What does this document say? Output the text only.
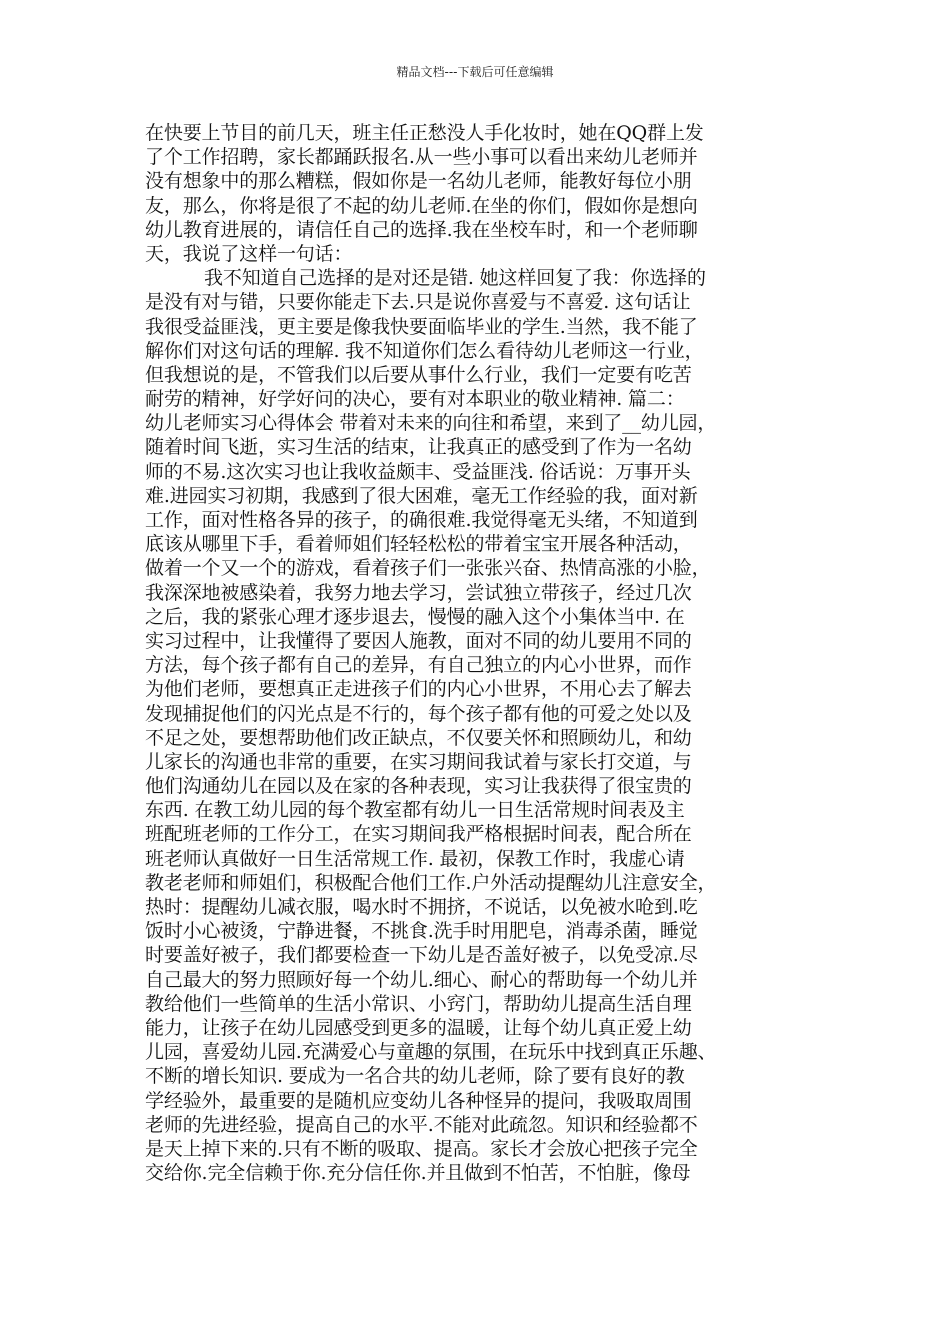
精品文档---下载后可任意编辑
在快要上节目的前几天，班主任正愁没人手化妆时，她在QQ群上发
了个工作招聘，家长都踊跃报名.从一些小事可以看出来幼儿老师并
没有想象中的那么糟糕，假如你是一名幼儿老师，能教好每位小朋
友，那么，你将是很了不起的幼儿老师.在坐的你们，假如你是想向
幼儿教育进展的，请信任自己的选择.我在坐校车时，和一个老师聊
天，我说了这样一句话：
我不知道自己选择的是对还是错. 她这样回复了我：你选择的
是没有对与错，只要你能走下去.只是说你喜爱与不喜爱. 这句话让
我很受益匪浅，更主要是像我快要面临毕业的学生.当然，我不能了
解你们对这句话的理解. 我不知道你们怎么看待幼儿老师这一行业，
但我想说的是，不管我们以后要从事什么行业，我们一定要有吃苦
耐劳的精神，好学好问的决心，要有对本职业的敬业精神. 篇二：
幼儿老师实习心得体会 带着对未来的向往和希望，来到了__幼儿园，
随着时间飞逝，实习生活的结束，让我真正的感受到了作为一名幼
师的不易.这次实习也让我收益颇丰、受益匪浅. 俗话说：万事开头
难.进园实习初期，我感到了很大困难，毫无工作经验的我，面对新
工作，面对性格各异的孩子，的确很难.我觉得毫无头绪，不知道到
底该从哪里下手，看着师姐们轻轻松松的带着宝宝开展各种活动，
做着一个又一个的游戏，看着孩子们一张张兴奋、热情高涨的小脸，
我深深地被感染着，我努力地去学习，尝试独立带孩子，经过几次
之后，我的紧张心理才逐步退去，慢慢的融入这个小集体当中. 在
实习过程中，让我懂得了要因人施教，面对不同的幼儿要用不同的
方法，每个孩子都有自己的差异，有自己独立的内心小世界，而作
为他们老师，要想真正走进孩子们的内心小世界，不用心去了解去
发现捕捉他们的闪光点是不行的，每个孩子都有他的可爱之处以及
不足之处，要想帮助他们改正缺点，不仅要关怀和照顾幼儿，和幼
儿家长的沟通也非常的重要，在实习期间我试着与家长打交道，与
他们沟通幼儿在园以及在家的各种表现，实习让我获得了很宝贵的
东西. 在教工幼儿园的每个教室都有幼儿一日生活常规时间表及主
班配班老师的工作分工，在实习期间我严格根据时间表，配合所在
班老师认真做好一日生活常规工作. 最初，保教工作时，我虚心请
教老老师和师姐们，积极配合他们工作.户外活动提醒幼儿注意安全，
热时：提醒幼儿减衣服，喝水时不拥挤，不说话，以免被水呛到.吃
饭时小心被烫，宁静进餐，不挑食.洗手时用肥皂，消毒杀菌，睡觉
时要盖好被子，我们都要检查一下幼儿是否盖好被子，以免受凉.尽
自己最大的努力照顾好每一个幼儿.细心、耐心的帮助每一个幼儿并
教给他们一些简单的生活小常识、小窍门，帮助幼儿提高生活自理
能力，让孩子在幼儿园感受到更多的温暖，让每个幼儿真正爱上幼
儿园，喜爱幼儿园.充满爱心与童趣的氛围，在玩乐中找到真正乐趣、
不断的增长知识. 要成为一名合共的幼儿老师，除了要有良好的教
学经验外，最重要的是随机应变幼儿各种怪异的提问，我吸取周围
老师的先进经验，提高自己的水平.不能对此疏忽。知识和经验都不
是天上掉下来的.只有不断的吸取、提高。家长才会放心把孩子完全
交给你.完全信赖于你.充分信任你.并且做到不怕苦，不怕脏，像母
